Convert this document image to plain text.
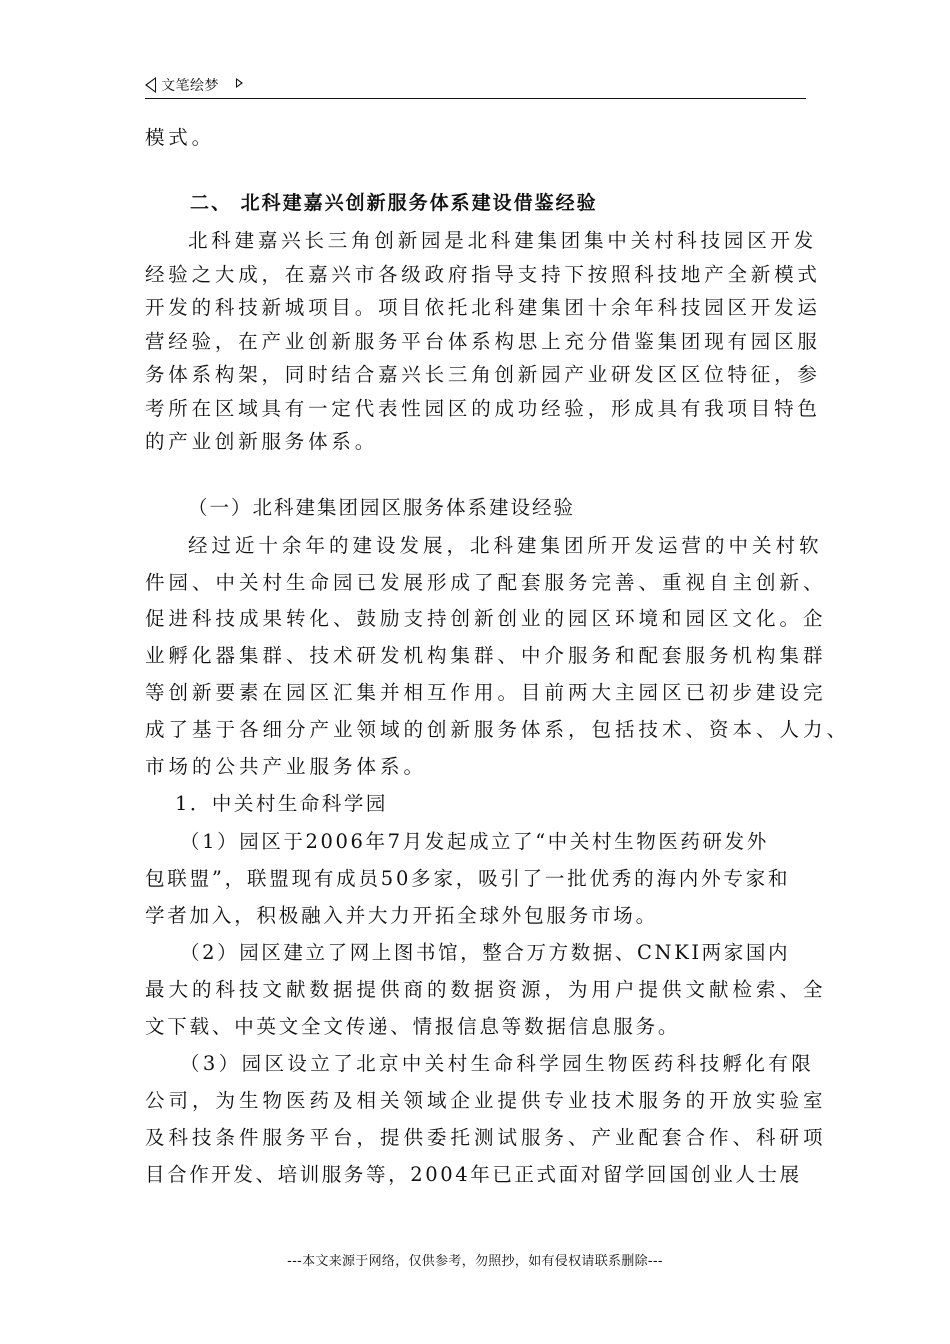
文笔绘梦
模式。
二、 北科建嘉兴创新服务体系建设借鉴经验
北科建嘉兴长三角创新园是北科建集团集中关村科技园区开发
经验之大成，在嘉兴市各级政府指导支持下按照科技地产全新模式
开发的科技新城项目。项目依托北科建集团十余年科技园区开发运
营经验，在产业创新服务平台体系构思上充分借鉴集团现有园区服
务体系构架，同时结合嘉兴长三角创新园产业研发区区位特征，参
考所在区域具有一定代表性园区的成功经验，形成具有我项目特色
的产业创新服务体系。
（一）北科建集团园区服务体系建设经验
经过近十余年的建设发展，北科建集团所开发运营的中关村软
件园、中关村生命园已发展形成了配套服务完善、重视自主创新、
促进科技成果转化、鼓励支持创新创业的园区环境和园区文化。企
业孵化器集群、技术研发机构集群、中介服务和配套服务机构集群
等创新要素在园区汇集并相互作用。目前两大主园区已初步建设完
成了基于各细分产业领域的创新服务体系，包括技术、资本、人力、
市场的公共产业服务体系。
1．中关村生命科学园
（1）园区于2006年7月发起成立了“中关村生物医药研发外
包联盟”，联盟现有成员50多家，吸引了一批优秀的海内外专家和
学者加入，积极融入并大力开拓全球外包服务市场。
（2）园区建立了网上图书馆，整合万方数据、CNKI两家国内
最大的科技文献数据提供商的数据资源，为用户提供文献检索、全
文下载、中英文全文传递、情报信息等数据信息服务。
（3）园区设立了北京中关村生命科学园生物医药科技孵化有限
公司，为生物医药及相关领域企业提供专业技术服务的开放实验室
及科技条件服务平台，提供委托测试服务、产业配套合作、科研项
目合作开发、培训服务等，2004年已正式面对留学回国创业人士展
---本文来源于网络，仅供参考，勿照抄，如有侵权请联系删除---
